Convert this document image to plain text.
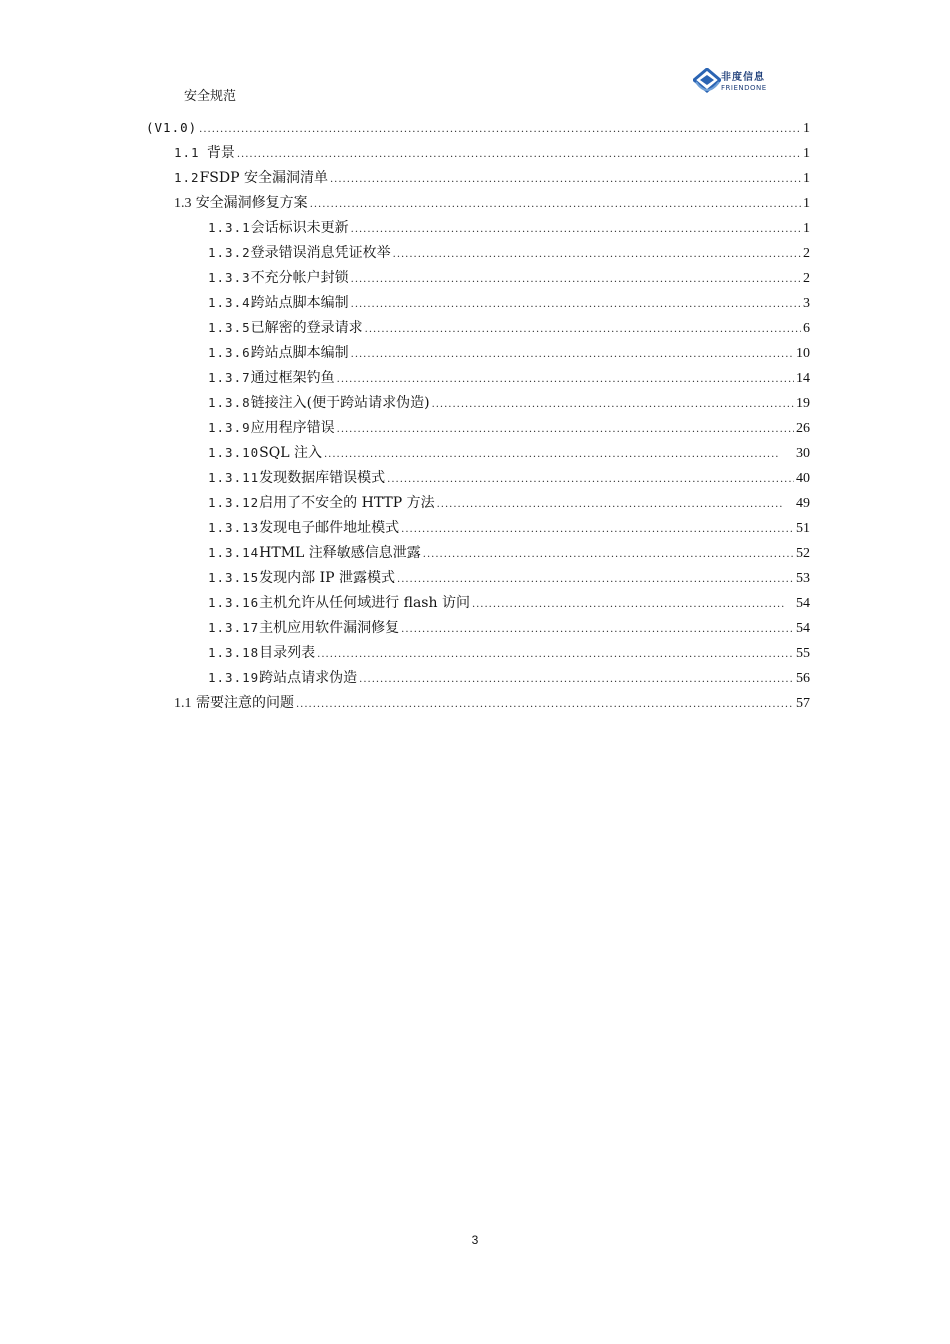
安全规范
非度信息
FRIENDONE
(V1.0) .....	1
1.1 背景 .....	1
1.2 FSDP 安全漏洞清单 .....	1
1.3 安全漏洞修复方案 .....	1
1.3.1 会话标识未更新 .....	1
1.3.2 登录错误消息凭证枚举 .....	2
1.3.3 不充分帐户封锁 .....	2
1.3.4 跨站点脚本编制 .....	3
1.3.5 已解密的登录请求 .....	6
1.3.6 跨站点脚本编制 .....	10
1.3.7 通过框架钓鱼 .....	14
1.3.8 链接注入(便于跨站请求伪造) .....	19
1.3.9 应用程序错误 .....	26
1.3.10 SQL 注入 .....	30
1.3.11 发现数据库错误模式 .....	40
1.3.12 启用了不安全的 HTTP 方法 .....	49
1.3.13 发现电子邮件地址模式 .....	51
1.3.14 HTML 注释敏感信息泄露 .....	52
1.3.15 发现内部 IP 泄露模式 .....	53
1.3.16 主机允许从任何域进行 flash 访问 .....	54
1.3.17 主机应用软件漏洞修复 .....	54
1.3.18 目录列表 .....	55
1.3.19 跨站点请求伪造 .....	56
1.1 需要注意的问题 .....	57
3
